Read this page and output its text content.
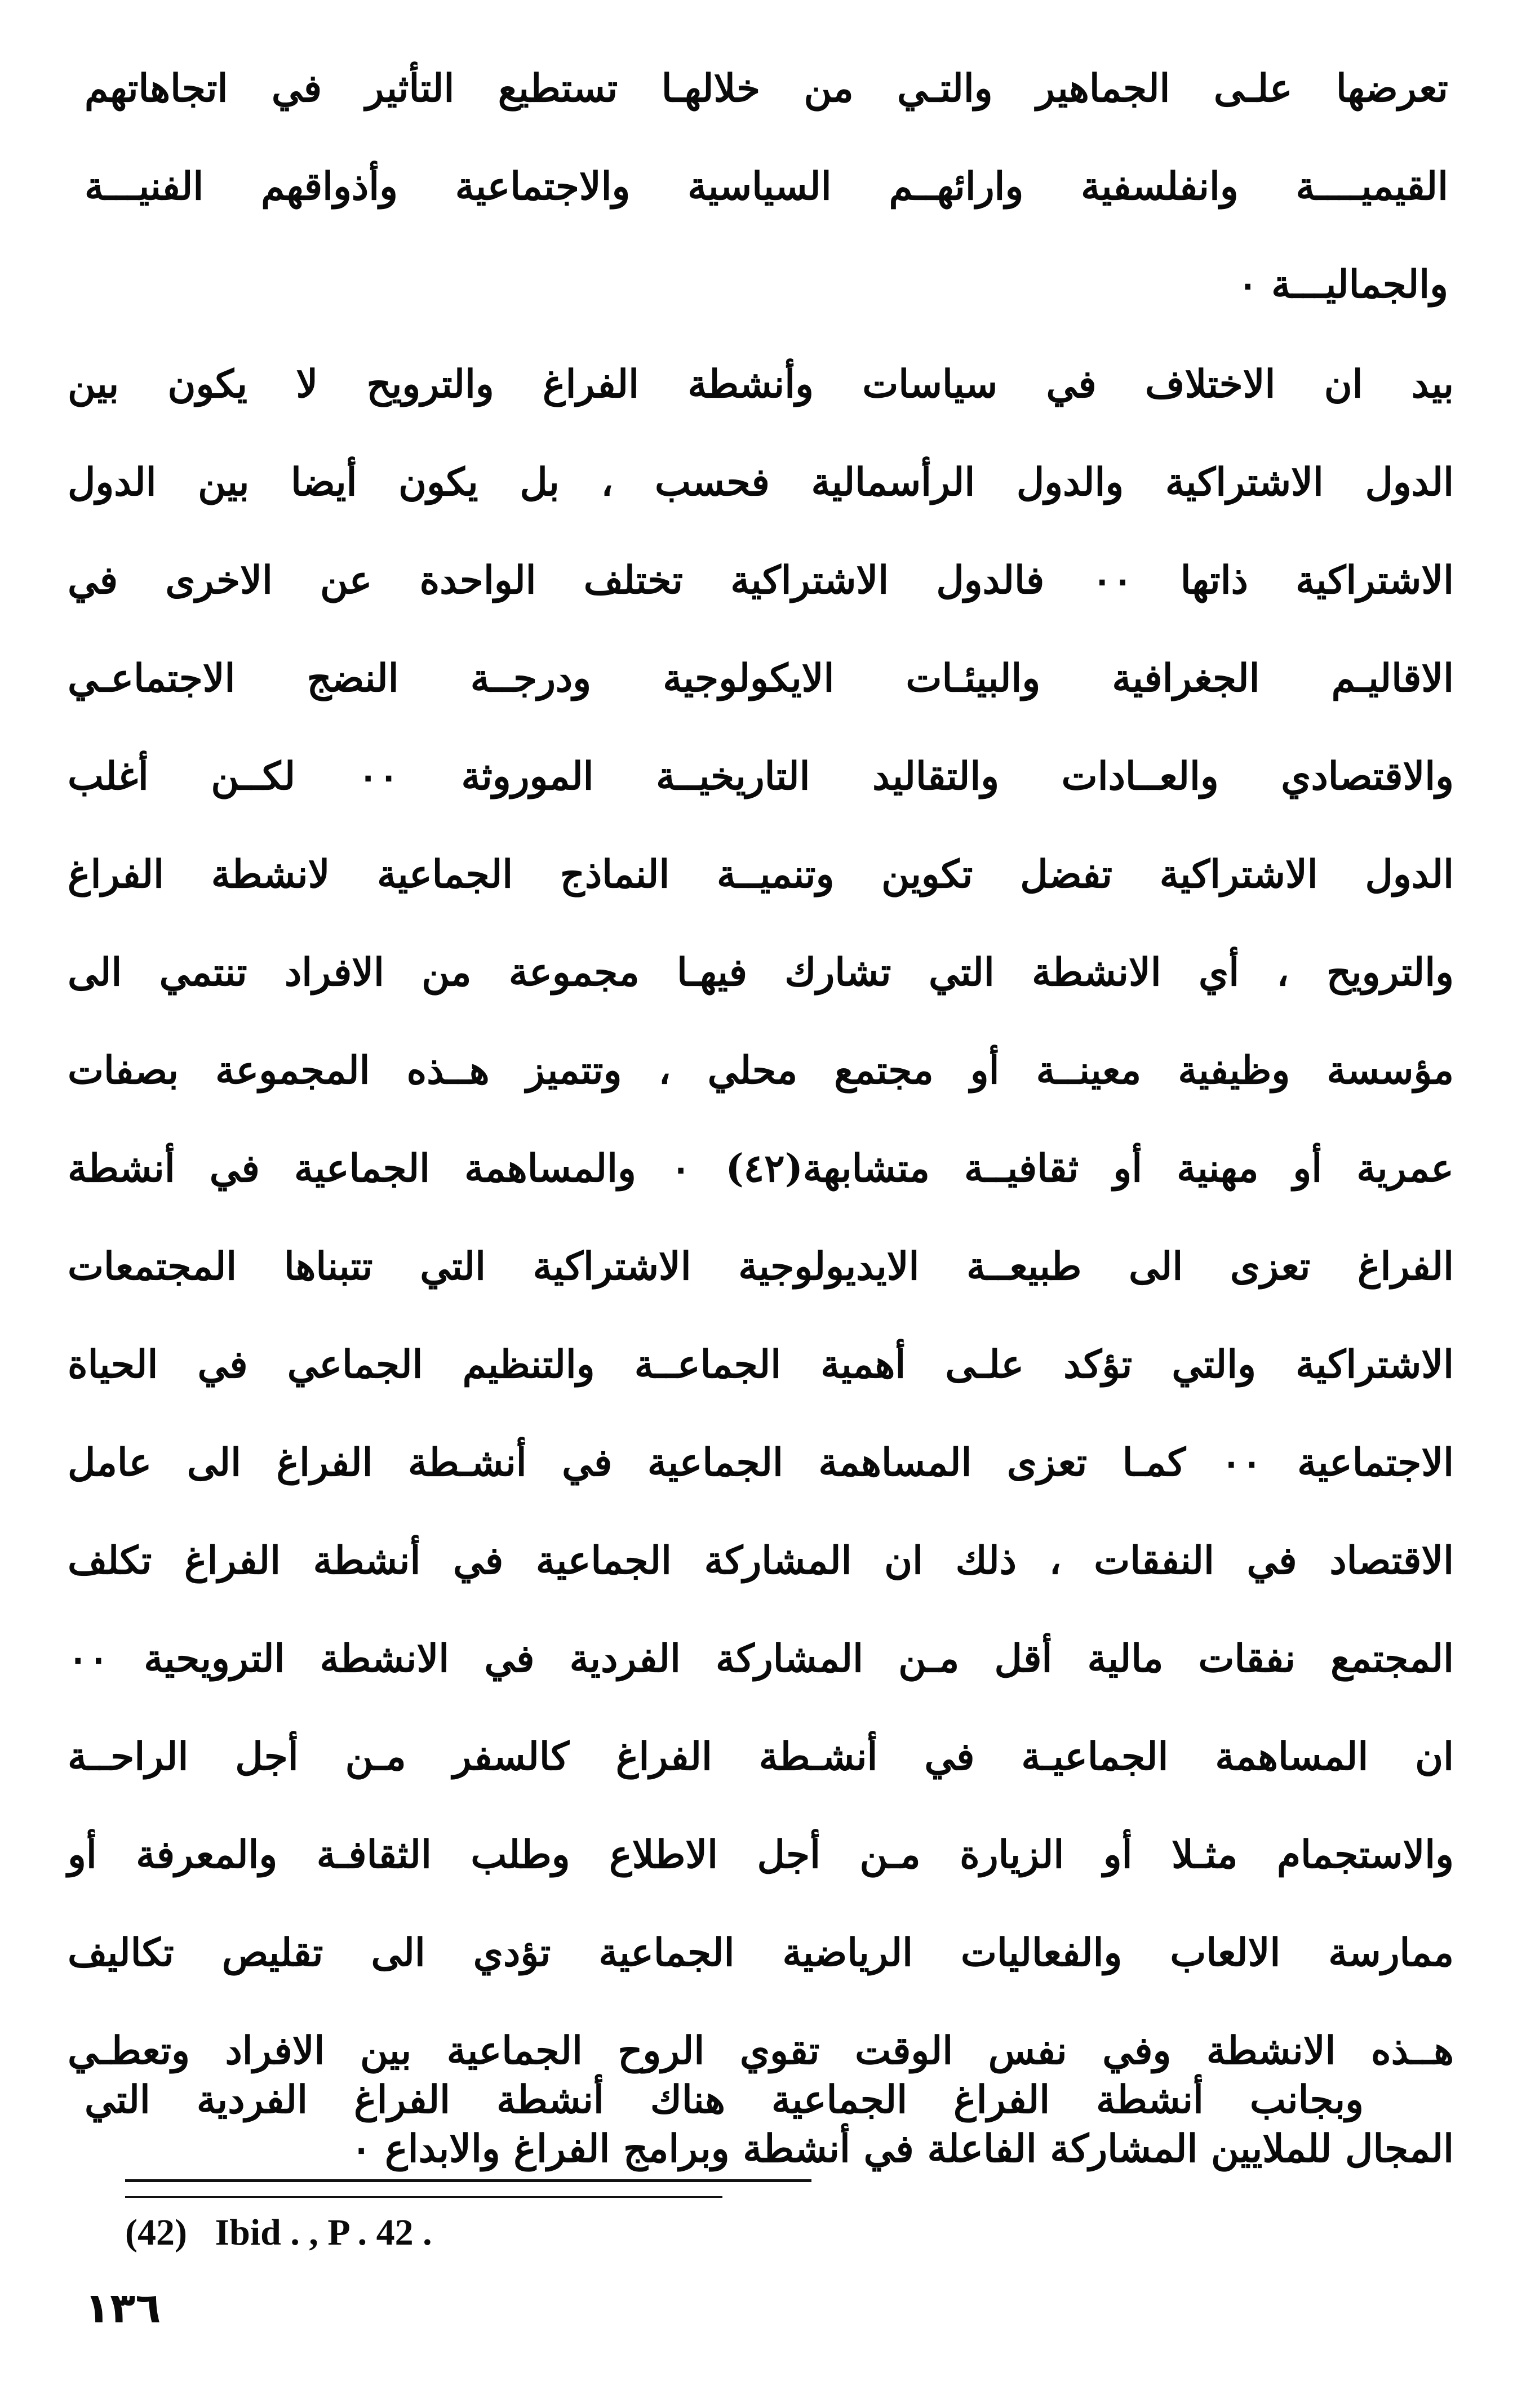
تعرضها علـى الجماهير والتـي من خلالهـا تستطيع التأثير في اتجاهاتهم
القيميــــة وانفلسفية وارائهــم السياسية والاجتماعية وأذواقهم الفنيـــة
والجماليـــة ٠
بيد ان الاختلاف في سياسات وأنشطة الفراغ والترويح لا يكون بين
الدول الاشتراكية والدول الرأسمالية فحسب ، بل يكون أيضا بين الدول
الاشتراكية ذاتها ٠٠ فالدول الاشتراكية تختلف الواحدة عن الاخرى في
الاقاليـم الجغرافية والبيئـات الايكولوجية ودرجــة النضج الاجتماعـي
والاقتصادي والعــادات والتقاليد التاريخيــة الموروثة ٠٠ لكــن أغلب
الدول الاشتراكية تفضل تكوين وتنميــة النماذج الجماعية لانشطة الفراغ
والترويح ، أي الانشطة التي تشارك فيهـا مجموعة من الافراد تنتمي الى
مؤسسة وظيفية معينــة أو مجتمع محلي ، وتتميز هــذه المجموعة بصفات
عمرية أو مهنية أو ثقافيــة متشابهة(٤٢) ٠ والمساهمة الجماعية في أنشطة
الفراغ تعزى الى طبيعــة الايديولوجية الاشتراكية التي تتبناها المجتمعات
الاشتراكية والتي تؤكد علـى أهمية الجماعــة والتنظيم الجماعي في الحياة
الاجتماعية ٠٠ كمـا تعزى المساهمة الجماعية في أنشـطة الفراغ الى عامل
الاقتصاد في النفقات ، ذلك ان المشاركة الجماعية في أنشطة الفراغ تكلف
المجتمع نفقات مالية أقل مـن المشاركة الفردية في الانشطة الترويحية ٠٠
ان المساهمة الجماعيـة في أنشـطة الفراغ كالسفر مـن أجل الراحــة
والاستجمام مثـلا أو الزيارة مـن أجل الاطلاع وطلب الثقافـة والمعرفة أو
ممارسة الالعاب والفعاليات الرياضية الجماعية تؤدي الى تقليص تكاليف
هــذه الانشطة وفي نفس الوقت تقوي الروح الجماعية بين الافراد وتعطـي
المجال للملايين المشاركة الفاعلة في أنشطة وبرامج الفراغ والابداع ٠
وبجانب أنشطة الفراغ الجماعية هناك أنشطة الفراغ الفردية التي
(42)   Ibid . , P . 42 .
١٣٦
